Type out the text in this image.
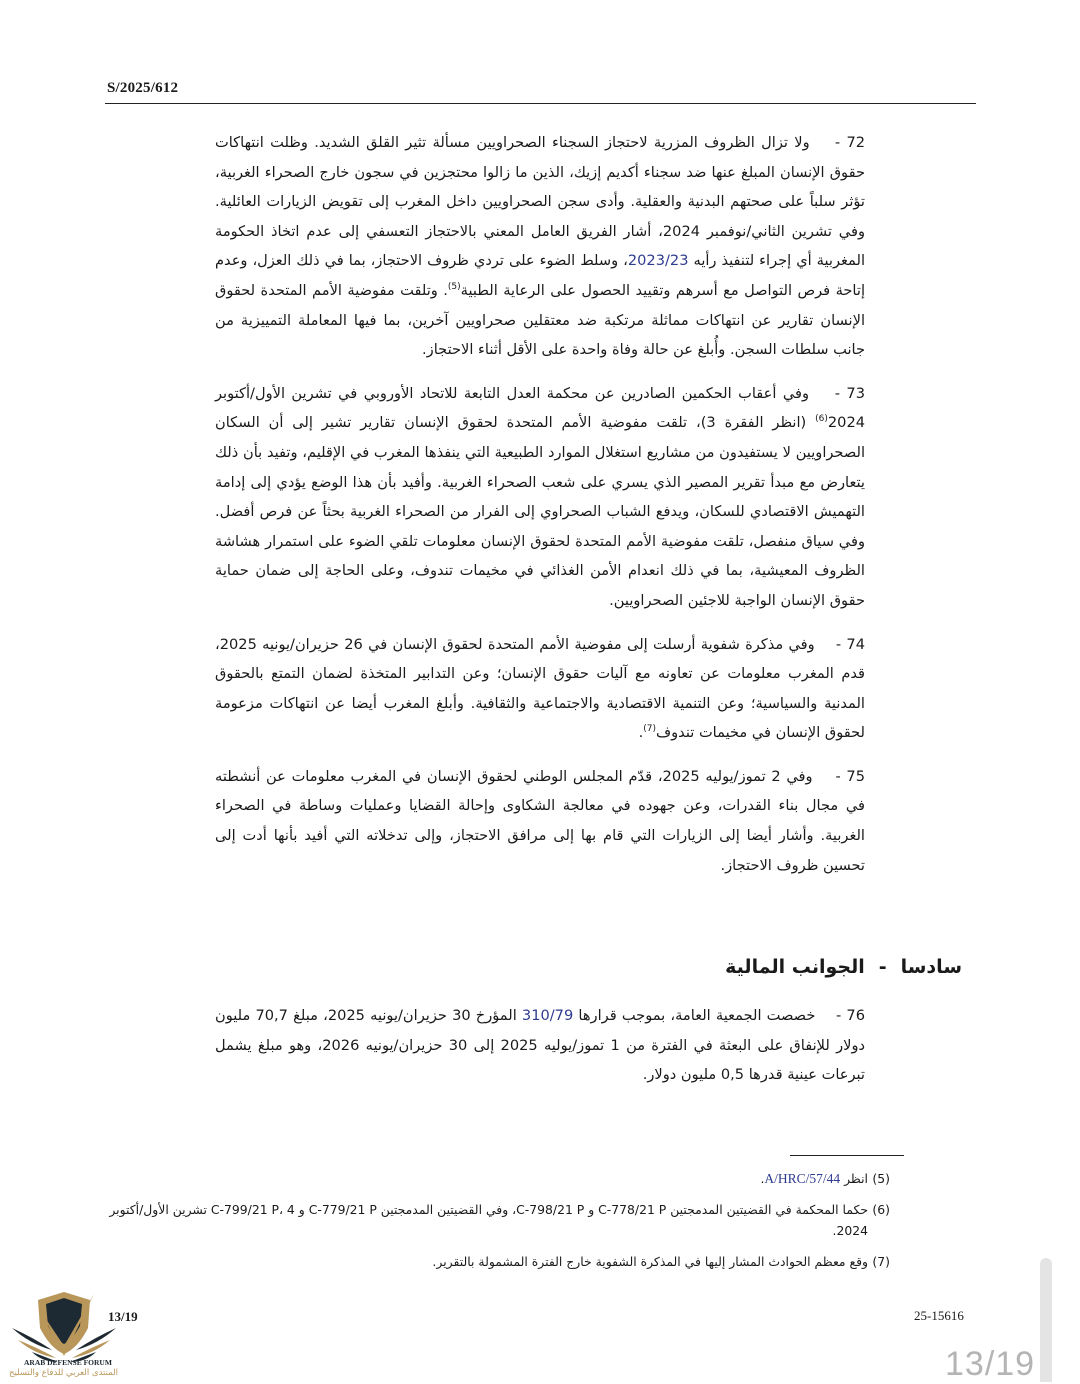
S/2025/612

72 -    ولا تزال الظروف المزرية لاحتجاز السجناء الصحراويين مسألة تثير القلق الشديد. وظلت انتهاكات حقوق الإنسان المبلغ عنها ضد سجناء أكديم إزيك، الذين ما زالوا محتجزين في سجون خارج الصحراء الغربية، تؤثر سلباً على صحتهم البدنية والعقلية. وأدى سجن الصحراويين داخل المغرب إلى تقويض الزيارات العائلية. وفي تشرين الثاني/نوفمبر 2024، أشار الفريق العامل المعني بالاحتجاز التعسفي إلى عدم اتخاذ الحكومة المغربية أي إجراء لتنفيذ رأيه 2023/23، وسلط الضوء على تردي ظروف الاحتجاز، بما في ذلك العزل، وعدم إتاحة فرص التواصل مع أسرهم وتقييد الحصول على الرعاية الطبية$^{(5)}$. وتلقت مفوضية الأمم المتحدة لحقوق الإنسان تقارير عن انتهاكات مماثلة مرتكبة ضد معتقلين صحراويين آخرين، بما فيها المعاملة التمييزية من جانب سلطات السجن. وأُبلغ عن حالة وفاة واحدة على الأقل أثناء الاحتجاز.

73 -    وفي أعقاب الحكمين الصادرين عن محكمة العدل التابعة للاتحاد الأوروبي في تشرين الأول/أكتوبر 2024$^{(6)}$ (انظر الفقرة 3)، تلقت مفوضية الأمم المتحدة لحقوق الإنسان تقارير تشير إلى أن السكان الصحراويين لا يستفيدون من مشاريع استغلال الموارد الطبيعية التي ينفذها المغرب في الإقليم، وتفيد بأن ذلك يتعارض مع مبدأ تقرير المصير الذي يسري على شعب الصحراء الغربية. وأفيد بأن هذا الوضع يؤدي إلى إدامة التهميش الاقتصادي للسكان، ويدفع الشباب الصحراوي إلى الفرار من الصحراء الغربية بحثاً عن فرص أفضل. وفي سياق منفصل، تلقت مفوضية الأمم المتحدة لحقوق الإنسان معلومات تلقي الضوء على استمرار هشاشة الظروف المعيشية، بما في ذلك انعدام الأمن الغذائي في مخيمات تندوف، وعلى الحاجة إلى ضمان حماية حقوق الإنسان الواجبة للاجئين الصحراويين.

74 -    وفي مذكرة شفوية أرسلت إلى مفوضية الأمم المتحدة لحقوق الإنسان في 26 حزيران/يونيه 2025، قدم المغرب معلومات عن تعاونه مع آليات حقوق الإنسان؛ وعن التدابير المتخذة لضمان التمتع بالحقوق المدنية والسياسية؛ وعن التنمية الاقتصادية والاجتماعية والثقافية. وأبلغ المغرب أيضا عن انتهاكات مزعومة لحقوق الإنسان في مخيمات تندوف$^{(7)}$.

75 -    وفي 2 تموز/يوليه 2025، قدّم المجلس الوطني لحقوق الإنسان في المغرب معلومات عن أنشطته في مجال بناء القدرات، وعن جهوده في معالجة الشكاوى وإحالة القضايا وعمليات وساطة في الصحراء الغربية. وأشار أيضا إلى الزيارات التي قام بها إلى مرافق الاحتجاز، وإلى تدخلاته التي أفيد بأنها أدت إلى تحسين ظروف الاحتجاز.

سادسا-الجوانب المالية

76 -    خصصت الجمعية العامة، بموجب قرارها 310/79 المؤرخ 30 حزيران/يونيه 2025، مبلغ 70,7 مليون دولار للإنفاق على البعثة في الفترة من 1 تموز/يوليه 2025 إلى 30 حزيران/يونيه 2026، وهو مبلغ يشمل تبرعات عينية قدرها 0,5 مليون دولار.

(5)
انظر A/HRC/57/44.
(6)
حكما المحكمة في القضيتين المدمجتين C-778/21 P و C-798/21 P، وفي القضيتين المدمجتين C-779/21 P و C-799/21 P، 4 تشرين الأول/أكتوبر 2024.
(7)
وقع معظم الحوادث المشار إليها في المذكرة الشفوية خارج الفترة المشمولة بالتقرير.
13/19	25-15616
ARAB DEFENSE FORUM
المنتدى العربي للدفاع والتسليح	13/19
